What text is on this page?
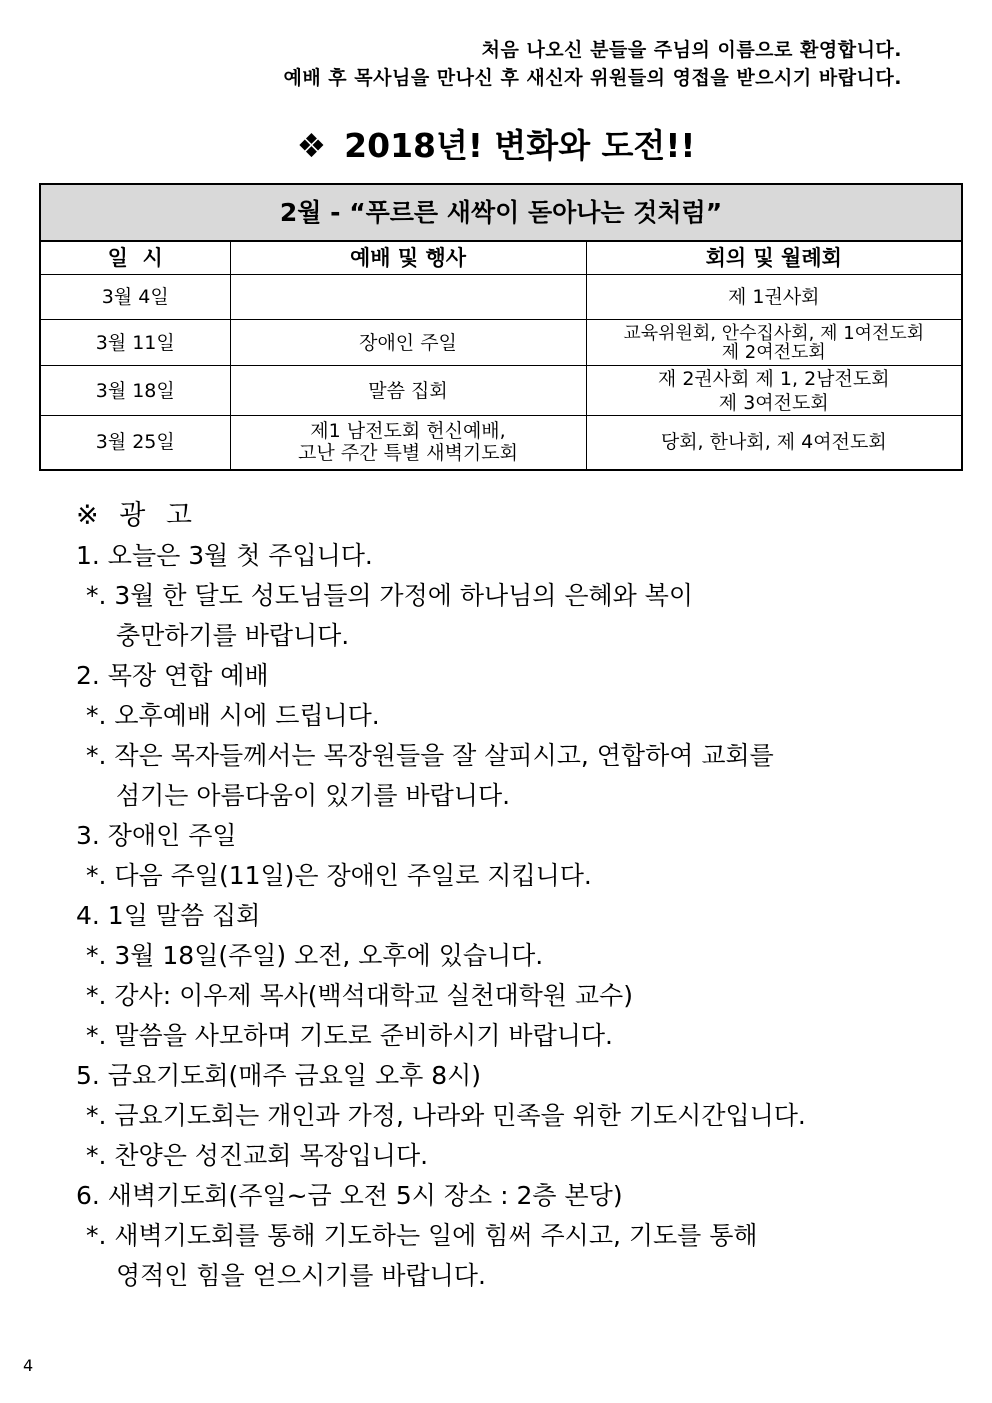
처음 나오신 분들을 주님의 이름으로 환영합니다.
예배 후 목사님을 만나신 후 새신자 위원들의 영접을 받으시기 바랍니다.
❖ 2018년! 변화와 도전!!
2월 - “푸르른 새싹이 돋아나는 것처럼”		
일  시	예배 및 행사	회의 및 월례회
3월 4일		제 1권사회

3월 11일	장애인 주일	교육위원회, 안수집사회, 제 1여전도회
제 2여전도회

3월 18일	말씀 집회	재 2권사회 제 1, 2남전도회
제 3여전도회

3월 25일	제1 남전도회 헌신예배,
고난 주간 특별 새벽기도회	당회, 한나회, 제 4여전도회
※ 광 고
1. 오늘은 3월 첫 주입니다.
*. 3월 한 달도 성도님들의 가정에 하나님의 은혜와 복이
충만하기를 바랍니다.
2. 목장 연합 예배
*. 오후예배 시에 드립니다.
*. 작은 목자들께서는 목장원들을 잘 살피시고, 연합하여 교회를
섬기는 아름다움이 있기를 바랍니다.
3. 장애인 주일
*. 다음 주일(11일)은 장애인 주일로 지킵니다.
4. 1일 말씀 집회
*. 3월 18일(주일) 오전, 오후에 있습니다.
*. 강사: 이우제 목사(백석대학교 실천대학원 교수)
*. 말씀을 사모하며 기도로 준비하시기 바랍니다.
5. 금요기도회(매주 금요일 오후 8시)
*. 금요기도회는 개인과 가정, 나라와 민족을 위한 기도시간입니다.
*. 찬양은 성진교회 목장입니다.
6. 새벽기도회(주일~금 오전 5시 장소 : 2층 본당)
*. 새벽기도회를 통해 기도하는 일에 힘써 주시고, 기도를 통해
영적인 힘을 얻으시기를 바랍니다.
4
